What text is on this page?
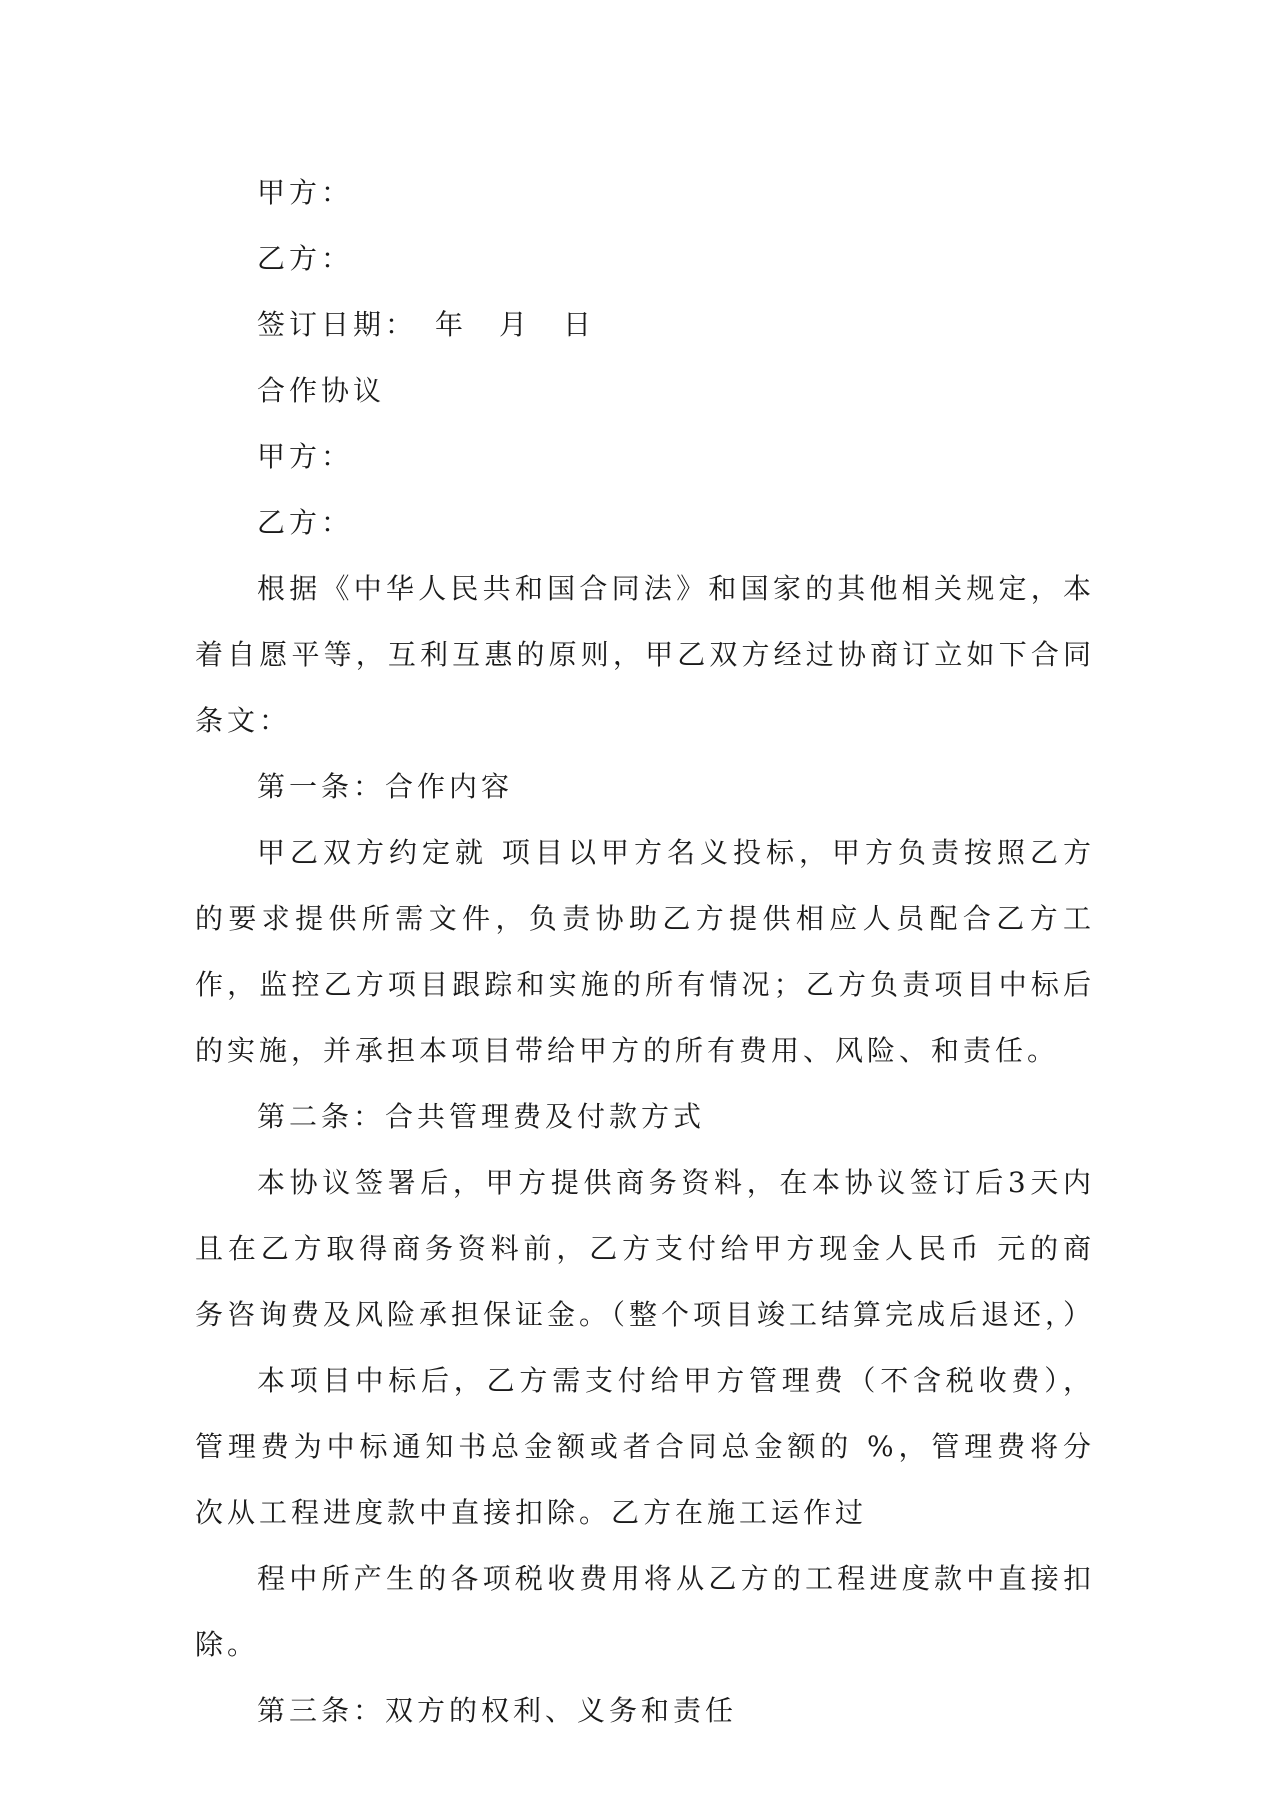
甲方：

乙方：

签订日期：　年　月　日

合作协议

甲方：

乙方：

根据《中华人民共和国合同法》和国家的其他相关规定，本着自愿平等，互利互惠的原则，甲乙双方经过协商订立如下合同条文：

第一条：合作内容

甲乙双方约定就 项目以甲方名义投标，甲方负责按照乙方的要求提供所需文件，负责协助乙方提供相应人员配合乙方工作，监控乙方项目跟踪和实施的所有情况；乙方负责项目中标后的实施，并承担本项目带给甲方的所有费用、风险、和责任。

第二条：合共管理费及付款方式

本协议签署后，甲方提供商务资料，在本协议签订后3天内且在乙方取得商务资料前，乙方支付给甲方现金人民币 元的商务咨询费及风险承担保证金。（整个项目竣工结算完成后退还，）

本项目中标后，乙方需支付给甲方管理费（不含税收费），管理费为中标通知书总金额或者合同总金额的 %，管理费将分次从工程进度款中直接扣除。乙方在施工运作过

程中所产生的各项税收费用将从乙方的工程进度款中直接扣除。

第三条：双方的权利、义务和责任
